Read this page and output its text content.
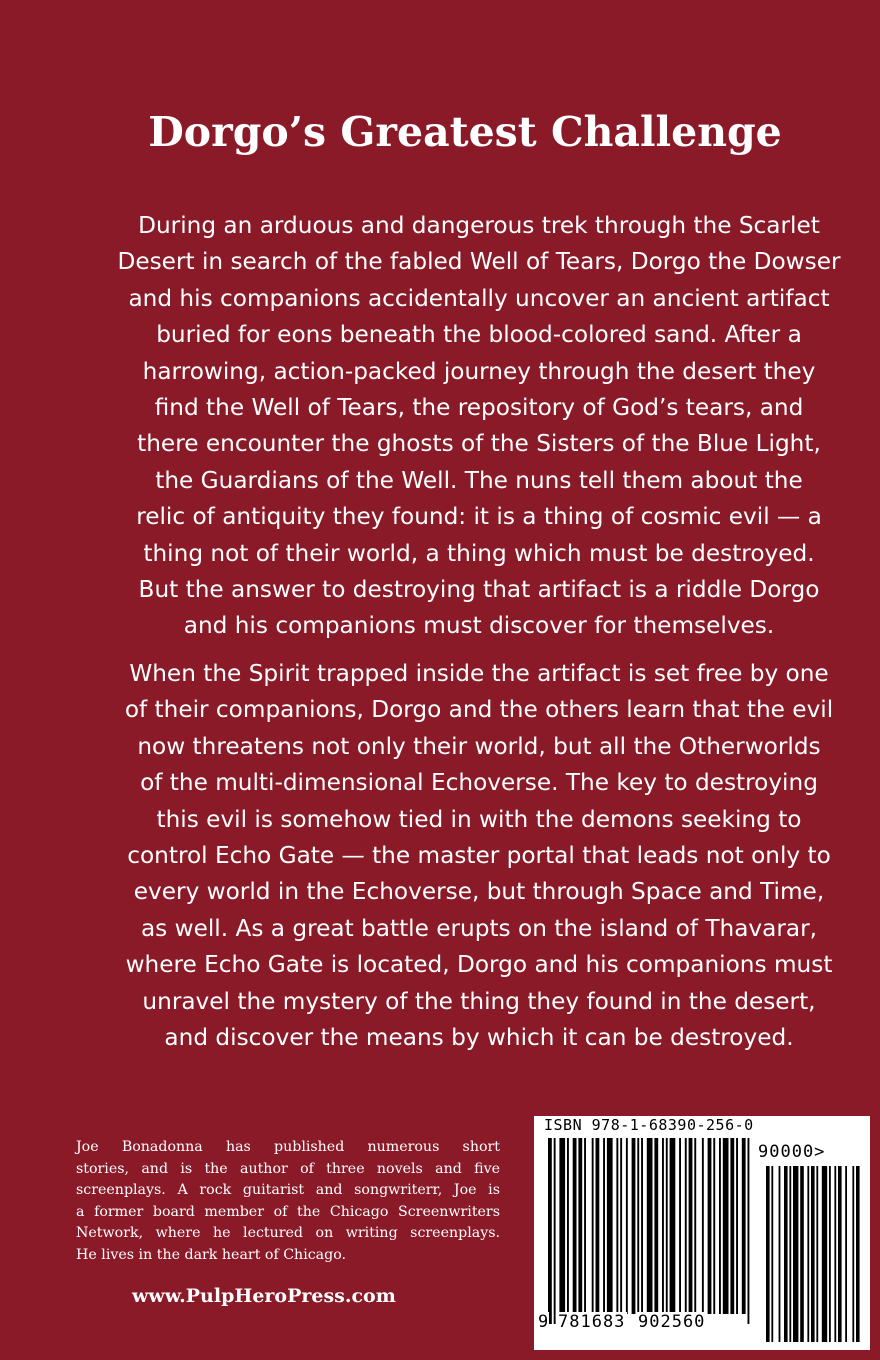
Dorgo’s Greatest Challenge
During an arduous and dangerous trek through the Scarlet
Desert in search of the fabled Well of Tears, Dorgo the Dowser
and his companions accidentally uncover an ancient artifact
buried for eons beneath the blood-colored sand. After a
harrowing, action-packed journey through the desert they
find the Well of Tears, the repository of God’s tears, and
there encounter the ghosts of the Sisters of the Blue Light,
the Guardians of the Well. The nuns tell them about the
relic of antiquity they found: it is a thing of cosmic evil — a
thing not of their world, a thing which must be destroyed.
But the answer to destroying that artifact is a riddle Dorgo
and his companions must discover for themselves.
When the Spirit trapped inside the artifact is set free by one
of their companions, Dorgo and the others learn that the evil
now threatens not only their world, but all the Otherworlds
of the multi-dimensional Echoverse. The key to destroying
this evil is somehow tied in with the demons seeking to
control Echo Gate — the master portal that leads not only to
every world in the Echoverse, but through Space and Time,
as well. As a great battle erupts on the island of Thavarar,
where Echo Gate is located, Dorgo and his companions must
unravel the mystery of the thing they found in the desert,
and discover the means by which it can be destroyed.
Joe Bonadonna has published numerous short
stories, and is the author of three novels and five
screenplays. A rock guitarist and songwriterr, Joe is
a former board member of the Chicago Screenwriters
Network, where he lectured on writing screenplays.
He lives in the dark heart of Chicago.
www.PulpHeroPress.com
ISBN 978-1-68390-256-0
90000>
9 781683 902560
